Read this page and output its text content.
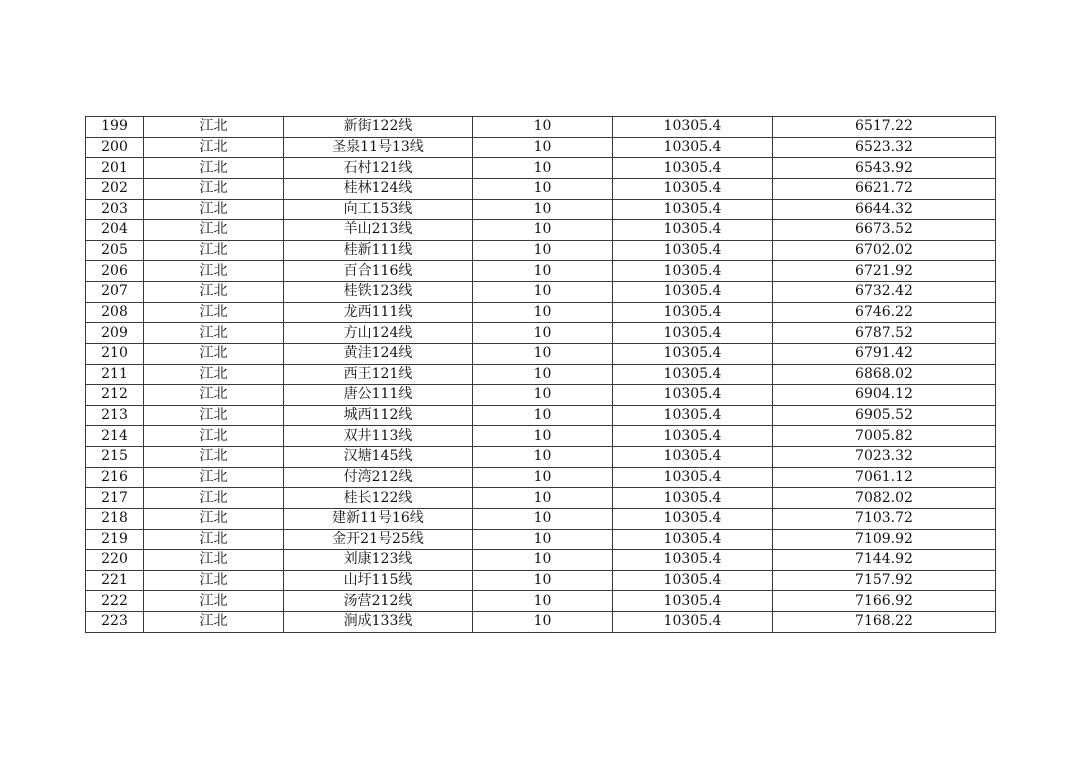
199	江北	新街122线	10	10305.4	6517.22
200	江北	圣泉11号13线	10	10305.4	6523.32
201	江北	石村121线	10	10305.4	6543.92
202	江北	桂林124线	10	10305.4	6621.72
203	江北	向工153线	10	10305.4	6644.32
204	江北	羊山213线	10	10305.4	6673.52
205	江北	桂新111线	10	10305.4	6702.02
206	江北	百合116线	10	10305.4	6721.92
207	江北	桂铁123线	10	10305.4	6732.42
208	江北	龙西111线	10	10305.4	6746.22
209	江北	方山124线	10	10305.4	6787.52
210	江北	黄洼124线	10	10305.4	6791.42
211	江北	西王121线	10	10305.4	6868.02
212	江北	唐公111线	10	10305.4	6904.12
213	江北	城西112线	10	10305.4	6905.52
214	江北	双井113线	10	10305.4	7005.82
215	江北	汉塘145线	10	10305.4	7023.32
216	江北	付湾212线	10	10305.4	7061.12
217	江北	桂长122线	10	10305.4	7082.02
218	江北	建新11号16线	10	10305.4	7103.72
219	江北	金开21号25线	10	10305.4	7109.92
220	江北	刘康123线	10	10305.4	7144.92
221	江北	山圩115线	10	10305.4	7157.92
222	江北	汤营212线	10	10305.4	7166.92
223	江北	涧成133线	10	10305.4	7168.22
